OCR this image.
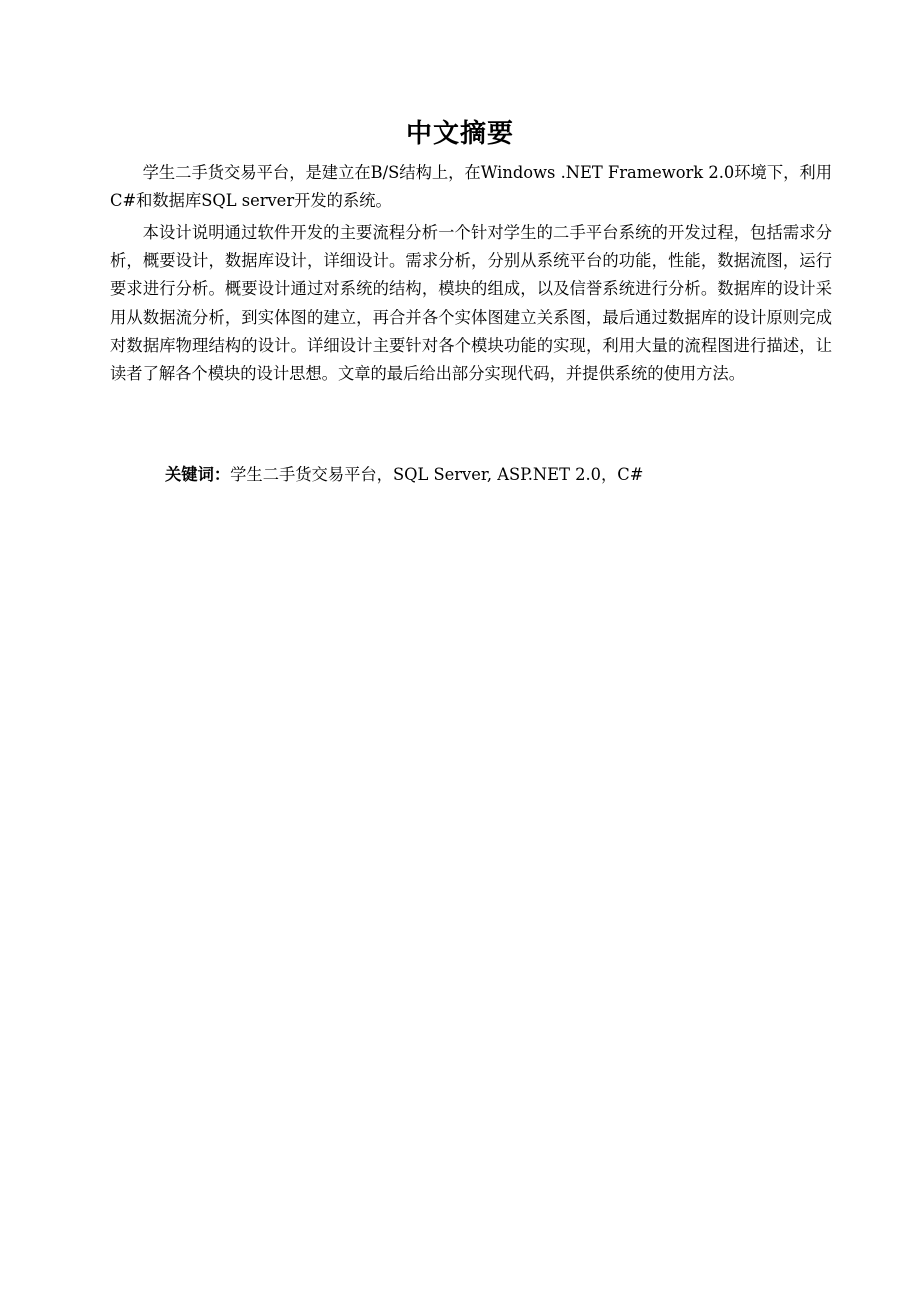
中文摘要

学生二手货交易平台，是建立在B/S结构上，在Windows .NET Framework 2.0环境下，利用C#和数据库SQL server开发的系统。

本设计说明通过软件开发的主要流程分析一个针对学生的二手平台系统的开发过程，包括需求分析，概要设计，数据库设计，详细设计。需求分析，分别从系统平台的功能，性能，数据流图，运行要求进行分析。概要设计通过对系统的结构，模块的组成，以及信誉系统进行分析。数据库的设计采用从数据流分析，到实体图的建立，再合并各个实体图建立关系图，最后通过数据库的设计原则完成对数据库物理结构的设计。详细设计主要针对各个模块功能的实现，利用大量的流程图进行描述，让读者了解各个模块的设计思想。文章的最后给出部分实现代码，并提供系统的使用方法。

关键词：学生二手货交易平台，SQL Server, ASP.NET 2.0，C#
